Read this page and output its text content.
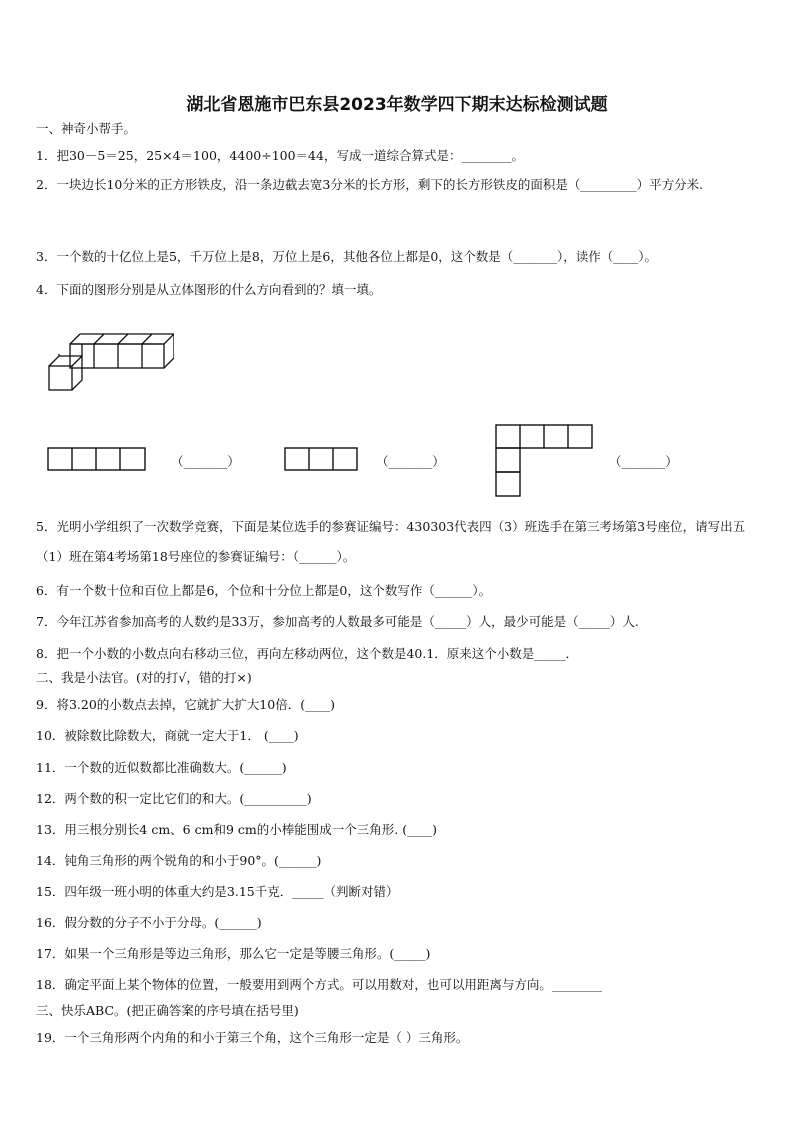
湖北省恩施市巴东县2023年数学四下期末达标检测试题
一、神奇小帮手。
1．把30－5＝25，25×4＝100，4400÷100＝44，写成一道综合算式是：________。
2．一块边长10分米的正方形铁皮，沿一条边截去宽3分米的长方形，剩下的长方形铁皮的面积是（_________）平方分米.
3．一个数的十亿位上是5，千万位上是8，万位上是6，其他各位上都是0，这个数是（_______），读作（____）。
4．下面的图形分别是从立体图形的什么方向看到的？填一填。
（_______）	（_______）	（_______）
5．光明小学组织了一次数学竞赛，下面是某位选手的参赛证编号：430303代表四（3）班选手在第三考场第3号座位，请写出五（1）班在第4考场第18号座位的参赛证编号：（______）。
6．有一个数十位和百位上都是6，个位和十分位上都是0，这个数写作（______）。
7．今年江苏省参加高考的人数约是33万，参加高考的人数最多可能是（_____）人，最少可能是（_____）人.
8．把一个小数的小数点向右移动三位，再向左移动两位，这个数是40.1．原来这个小数是_____．
二、我是小法官。(对的打√，错的打×)
9．将3.20的小数点去掉，它就扩大扩大10倍．(____)
10．被除数比除数大，商就一定大于1． (____)
11．一个数的近似数都比准确数大。(______)
12．两个数的积一定比它们的和大。(__________)
13．用三根分别长4 cm、6 cm和9 cm的小棒能围成一个三角形. (____)
14．钝角三角形的两个锐角的和小于90°。(______)
15．四年级一班小明的体重大约是3.15千克．_____（判断对错）
16．假分数的分子不小于分母。(______)
17．如果一个三角形是等边三角形，那么它一定是等腰三角形。(_____)
18．确定平面上某个物体的位置，一般要用到两个方式。可以用数对，也可以用距离与方向。________
三、快乐ABC。(把正确答案的序号填在括号里)
19．一个三角形两个内角的和小于第三个角，这个三角形一定是（ ）三角形。
